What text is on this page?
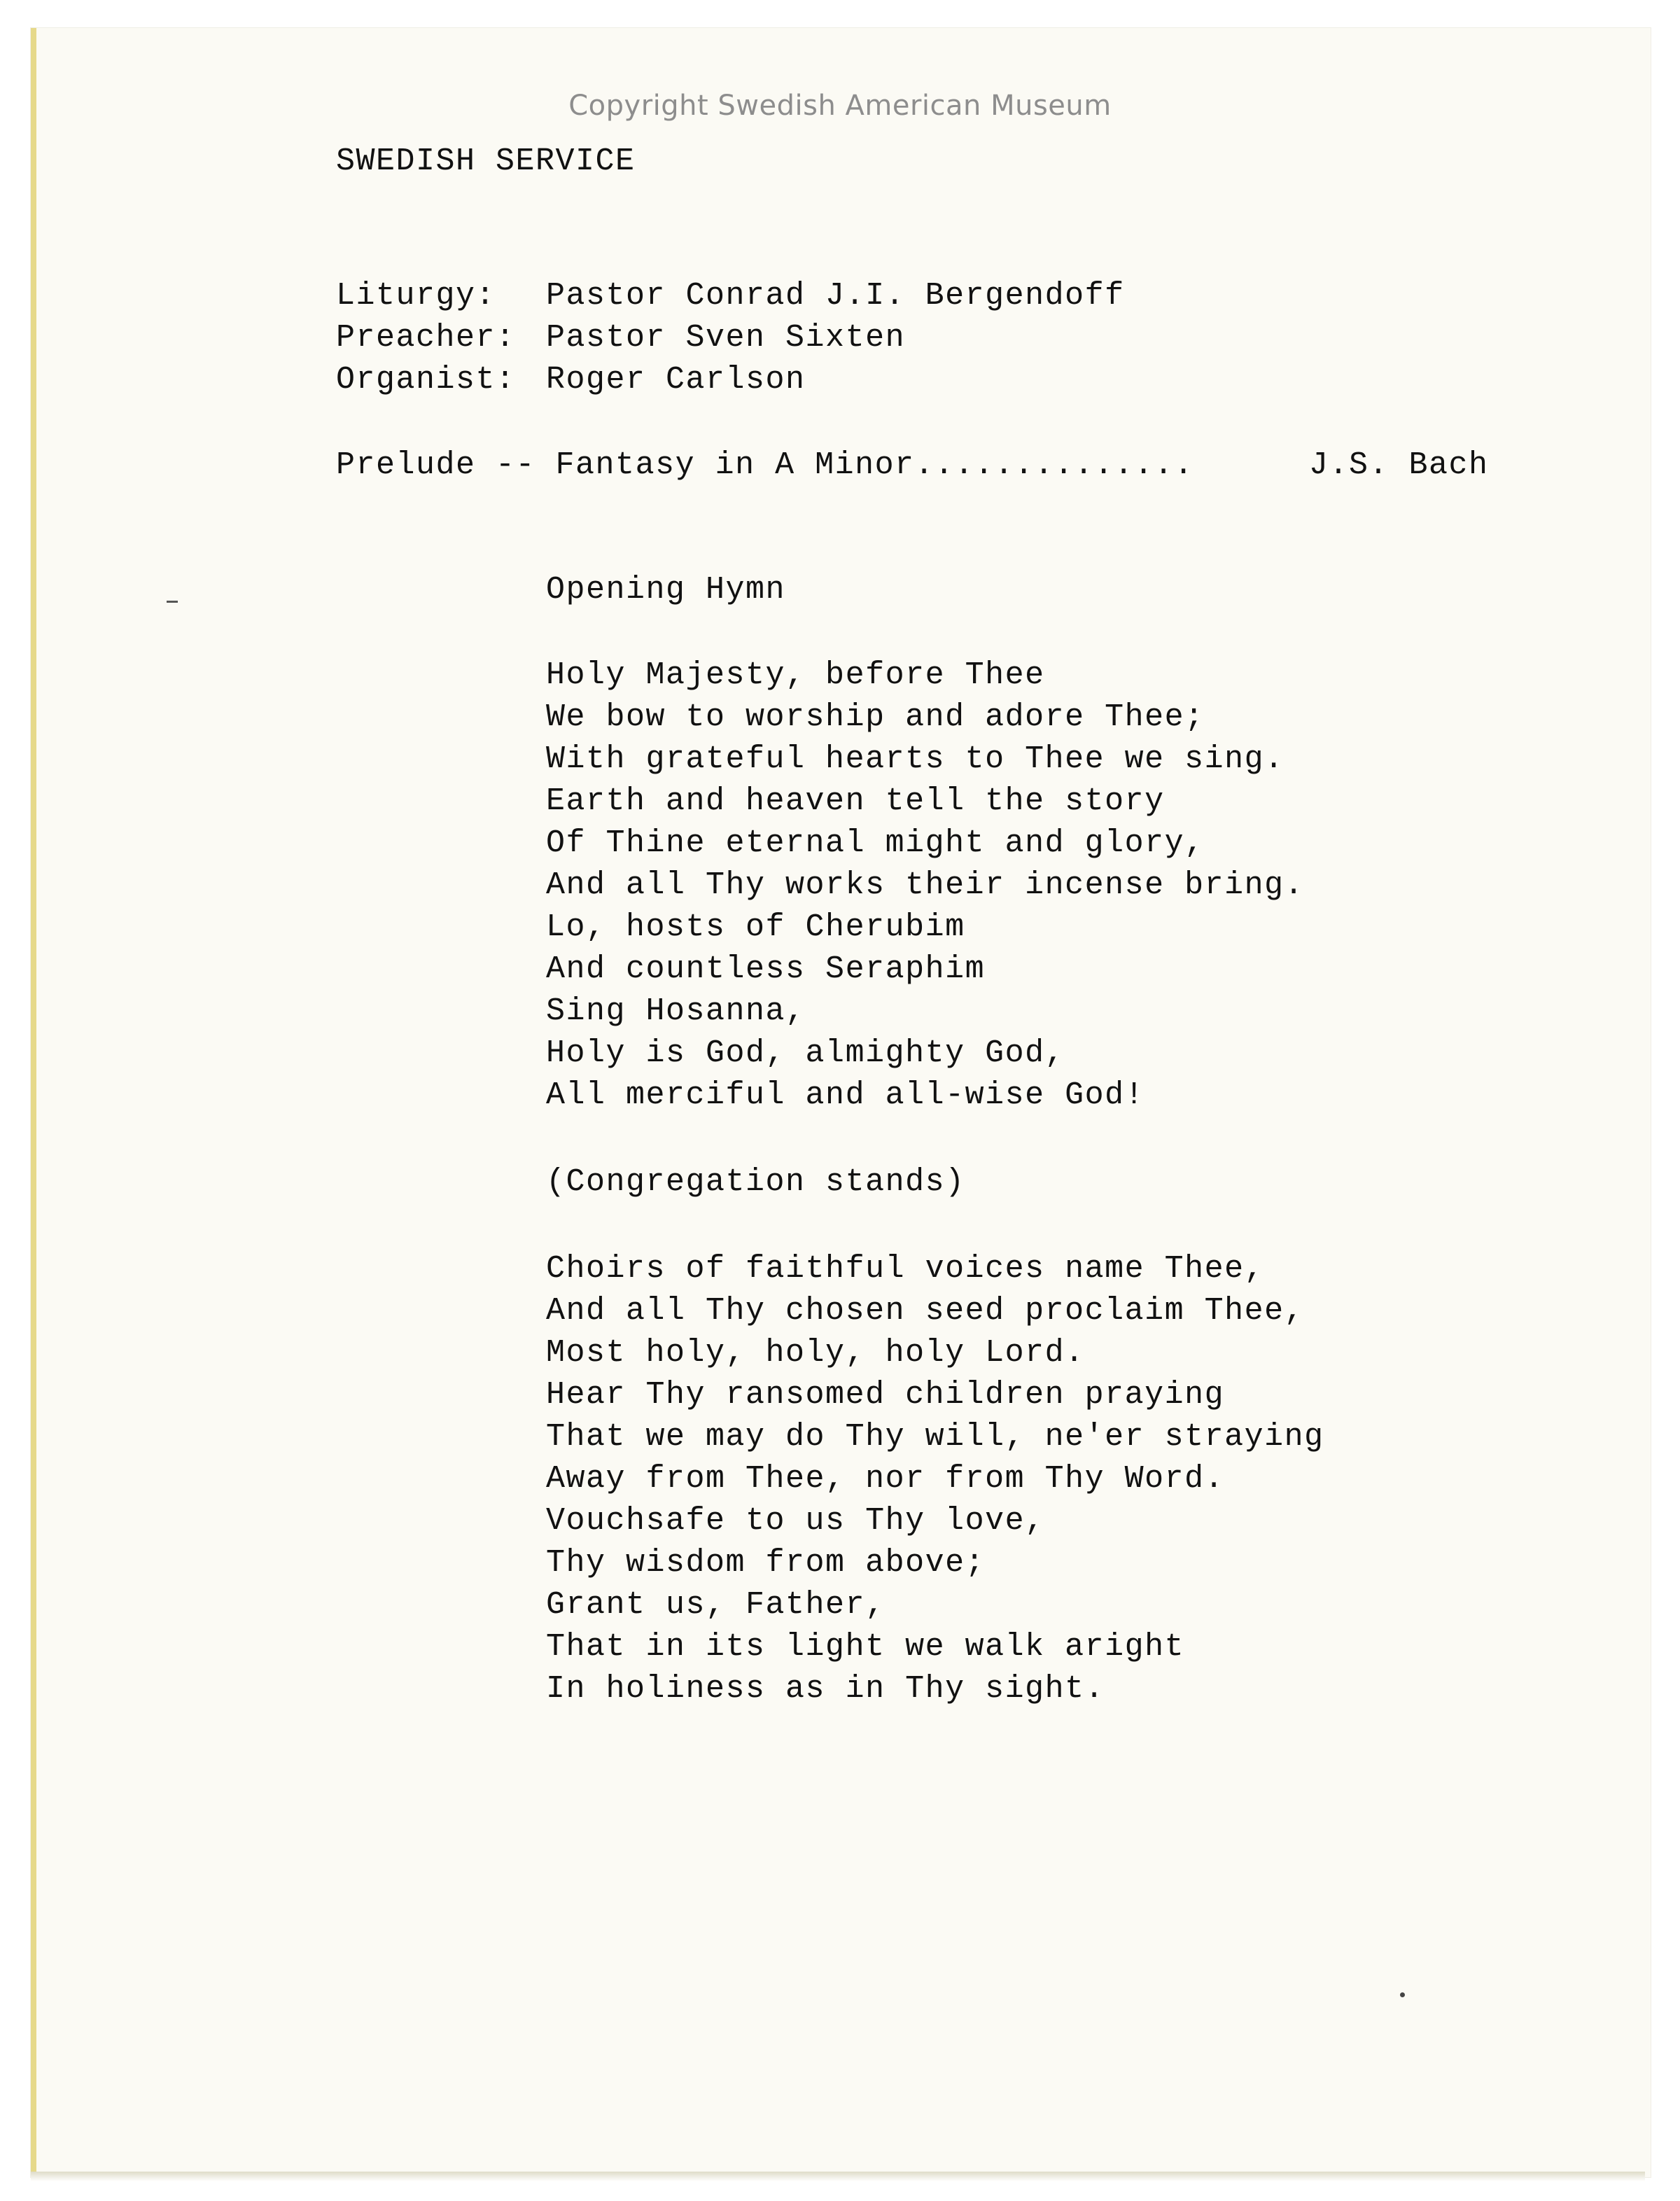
Copyright Swedish American Museum
SWEDISH SERVICE
Liturgy: Pastor Conrad J.I. Bergendoff
Preacher: Pastor Sven Sixten
Organist: Roger Carlson
Prelude -- Fantasy in A Minor..............	J.S. Bach
Opening Hymn
Holy Majesty, before Thee
We bow to worship and adore Thee;
With grateful hearts to Thee we sing.
Earth and heaven tell the story
Of Thine eternal might and glory,
And all Thy works their incense bring.
Lo, hosts of Cherubim
And countless Seraphim
Sing Hosanna,
Holy is God, almighty God,
All merciful and all-wise God!
(Congregation stands)
Choirs of faithful voices name Thee,
And all Thy chosen seed proclaim Thee,
Most holy, holy, holy Lord.
Hear Thy ransomed children praying
That we may do Thy will, ne'er straying
Away from Thee, nor from Thy Word.
Vouchsafe to us Thy love,
Thy wisdom from above;
Grant us, Father,
That in its light we walk aright
In holiness as in Thy sight.
